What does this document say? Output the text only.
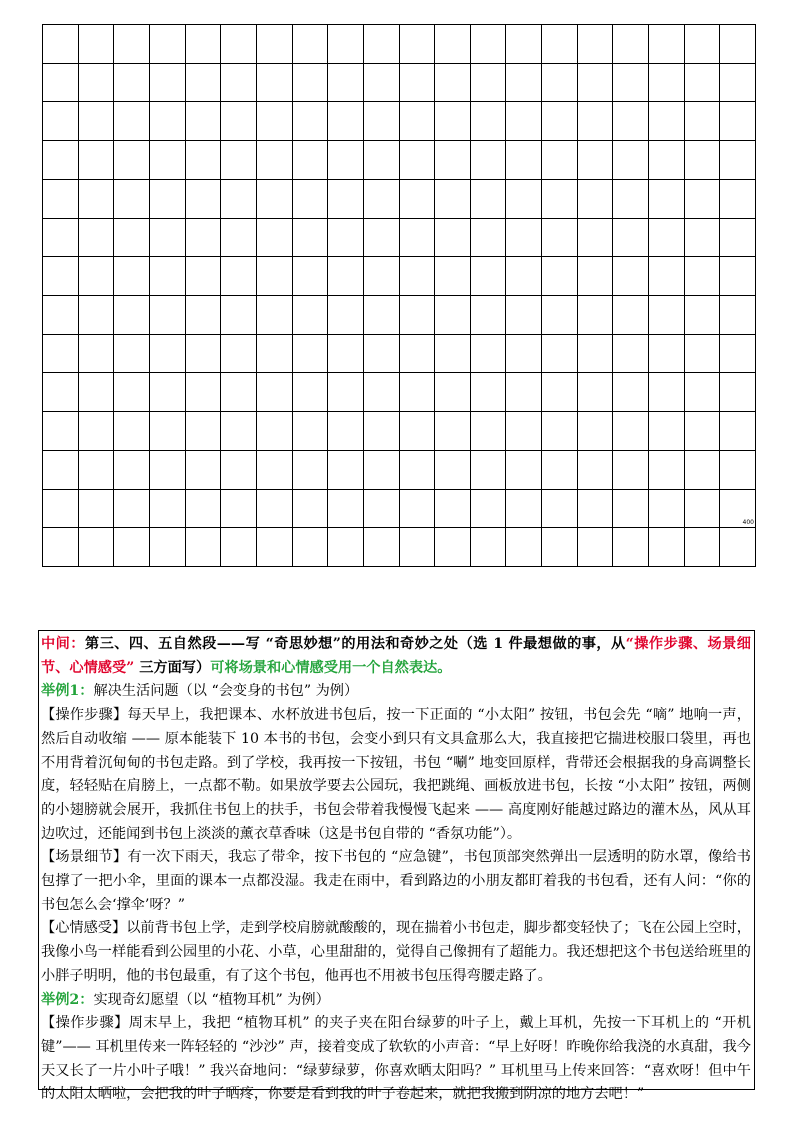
400

中间：第三、四、五自然段——写 “奇思妙想”的用法和奇妙之处（选 1 件最想做的事，从“操作步骤、场景细节、心情感受” 三方面写）可将场景和心情感受用一个自然表达。

举例1：解决生活问题（以 “会变身的书包” 为例）

【操作步骤】每天早上，我把课本、水杯放进书包后，按一下正面的 “小太阳” 按钮，书包会先 “嘀” 地响一声，然后自动收缩 —— 原本能装下 10 本书的书包，会变小到只有文具盒那么大，我直接把它揣进校服口袋里，再也不用背着沉甸甸的书包走路。到了学校，我再按一下按钮，书包 “唰” 地变回原样，背带还会根据我的身高调整长度，轻轻贴在肩膀上，一点都不勒。如果放学要去公园玩，我把跳绳、画板放进书包，长按 “小太阳” 按钮，两侧的小翅膀就会展开，我抓住书包上的扶手，书包会带着我慢慢飞起来 —— 高度刚好能越过路边的灌木丛，风从耳边吹过，还能闻到书包上淡淡的薰衣草香味（这是书包自带的 “香氛功能”）。

【场景细节】有一次下雨天，我忘了带伞，按下书包的 “应急键”，书包顶部突然弹出一层透明的防水罩，像给书包撑了一把小伞，里面的课本一点都没湿。我走在雨中，看到路边的小朋友都盯着我的书包看，还有人问：“你的书包怎么会‘撑伞’呀？”

【心情感受】以前背书包上学，走到学校肩膀就酸酸的，现在揣着小书包走，脚步都变轻快了；飞在公园上空时，我像小鸟一样能看到公园里的小花、小草，心里甜甜的，觉得自己像拥有了超能力。我还想把这个书包送给班里的小胖子明明，他的书包最重，有了这个书包，他再也不用被书包压得弯腰走路了。

举例2：实现奇幻愿望（以 “植物耳机” 为例）

【操作步骤】周末早上，我把 “植物耳机” 的夹子夹在阳台绿萝的叶子上，戴上耳机，先按一下耳机上的 “开机键”—— 耳机里传来一阵轻轻的 “沙沙” 声，接着变成了软软的小声音：“早上好呀！昨晚你给我浇的水真甜，我今天又长了一片小叶子哦！” 我兴奋地问：“绿萝绿萝，你喜欢晒太阳吗？” 耳机里马上传来回答：“喜欢呀！但中午的太阳太晒啦，会把我的叶子晒疼，你要是看到我的叶子卷起来，就把我搬到阴凉的地方去吧！”
